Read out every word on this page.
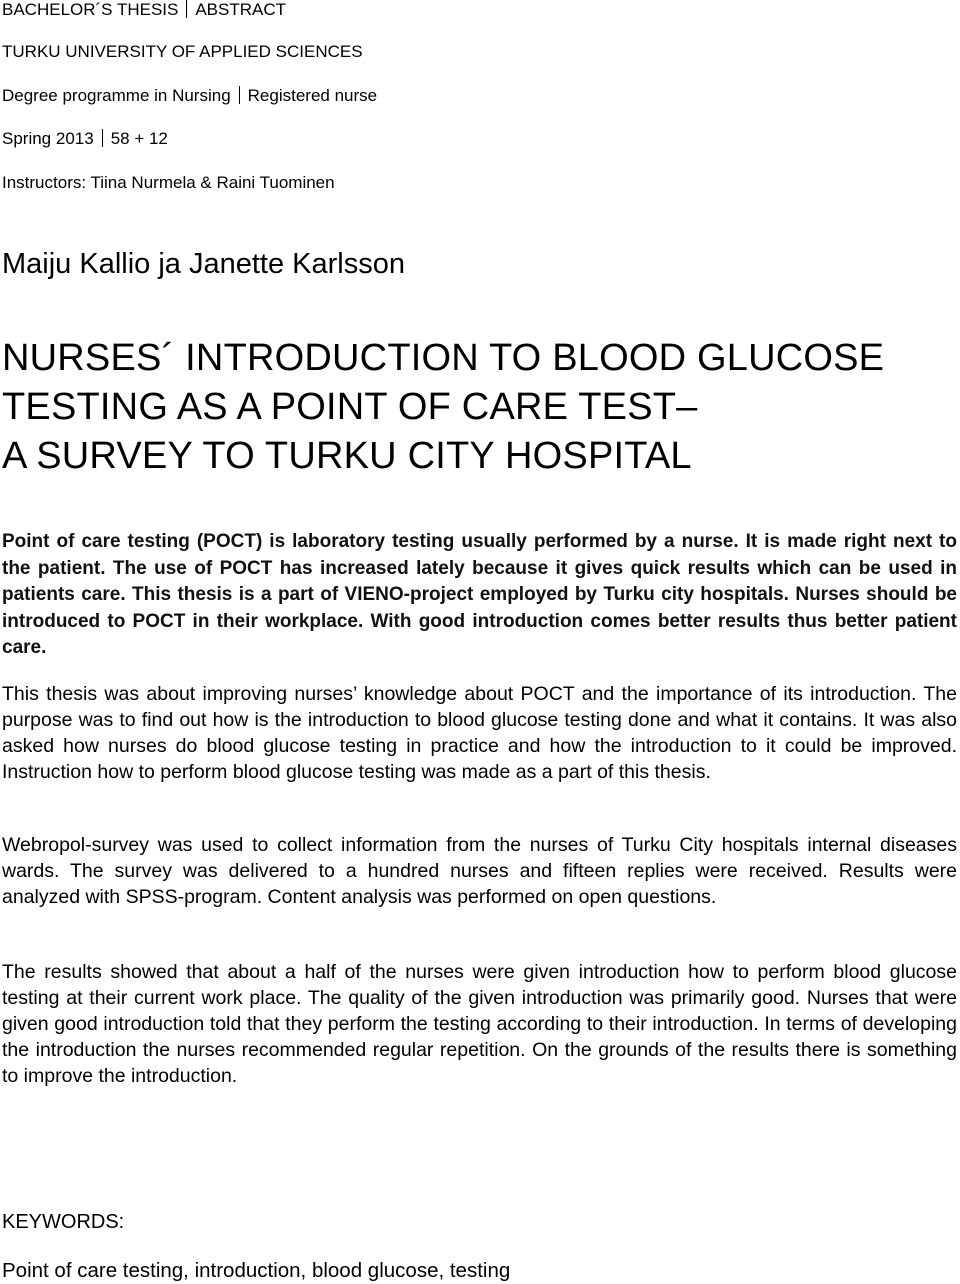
BACHELOR´S THESIS ABSTRACT
TURKU UNIVERSITY OF APPLIED SCIENCES
Degree programme in Nursing Registered nurse
Spring 2013 58 + 12
Instructors: Tiina Nurmela & Raini Tuominen
Maiju Kallio ja Janette Karlsson
NURSES´ INTRODUCTION TO BLOOD GLUCOSE
TESTING AS A POINT OF CARE TEST–
A SURVEY TO TURKU CITY HOSPITAL

Point of care testing (POCT) is laboratory testing usually performed by a nurse. It is made right next to the patient. The use of POCT has increased lately because it gives quick results which can be used in patients care. This thesis is a part of VIENO-project employed by Turku city hospitals. Nurses should be introduced to POCT in their workplace. With good introduction comes better results thus better patient care.

This thesis was about improving nurses’ knowledge about POCT and the importance of its introduction. The purpose was to find out how is the introduction to blood glucose testing done and what it contains. It was also asked how nurses do blood glucose testing in practice and how the introduction to it could be improved. Instruction how to perform blood glucose testing was made as a part of this thesis.

Webropol-survey was used to collect information from the nurses of Turku City hospitals internal diseases wards. The survey was delivered to a hundred nurses and fifteen replies were received. Results were analyzed with SPSS-program. Content analysis was performed on open questions.

The results showed that about a half of the nurses were given introduction how to perform blood glucose testing at their current work place. The quality of the given introduction was primarily good. Nurses that were given good introduction told that they perform the testing according to their introduction. In terms of developing the introduction the nurses recommended regular repetition. On the grounds of the results there is something to improve the introduction.

KEYWORDS:
Point of care testing, introduction, blood glucose, testing
